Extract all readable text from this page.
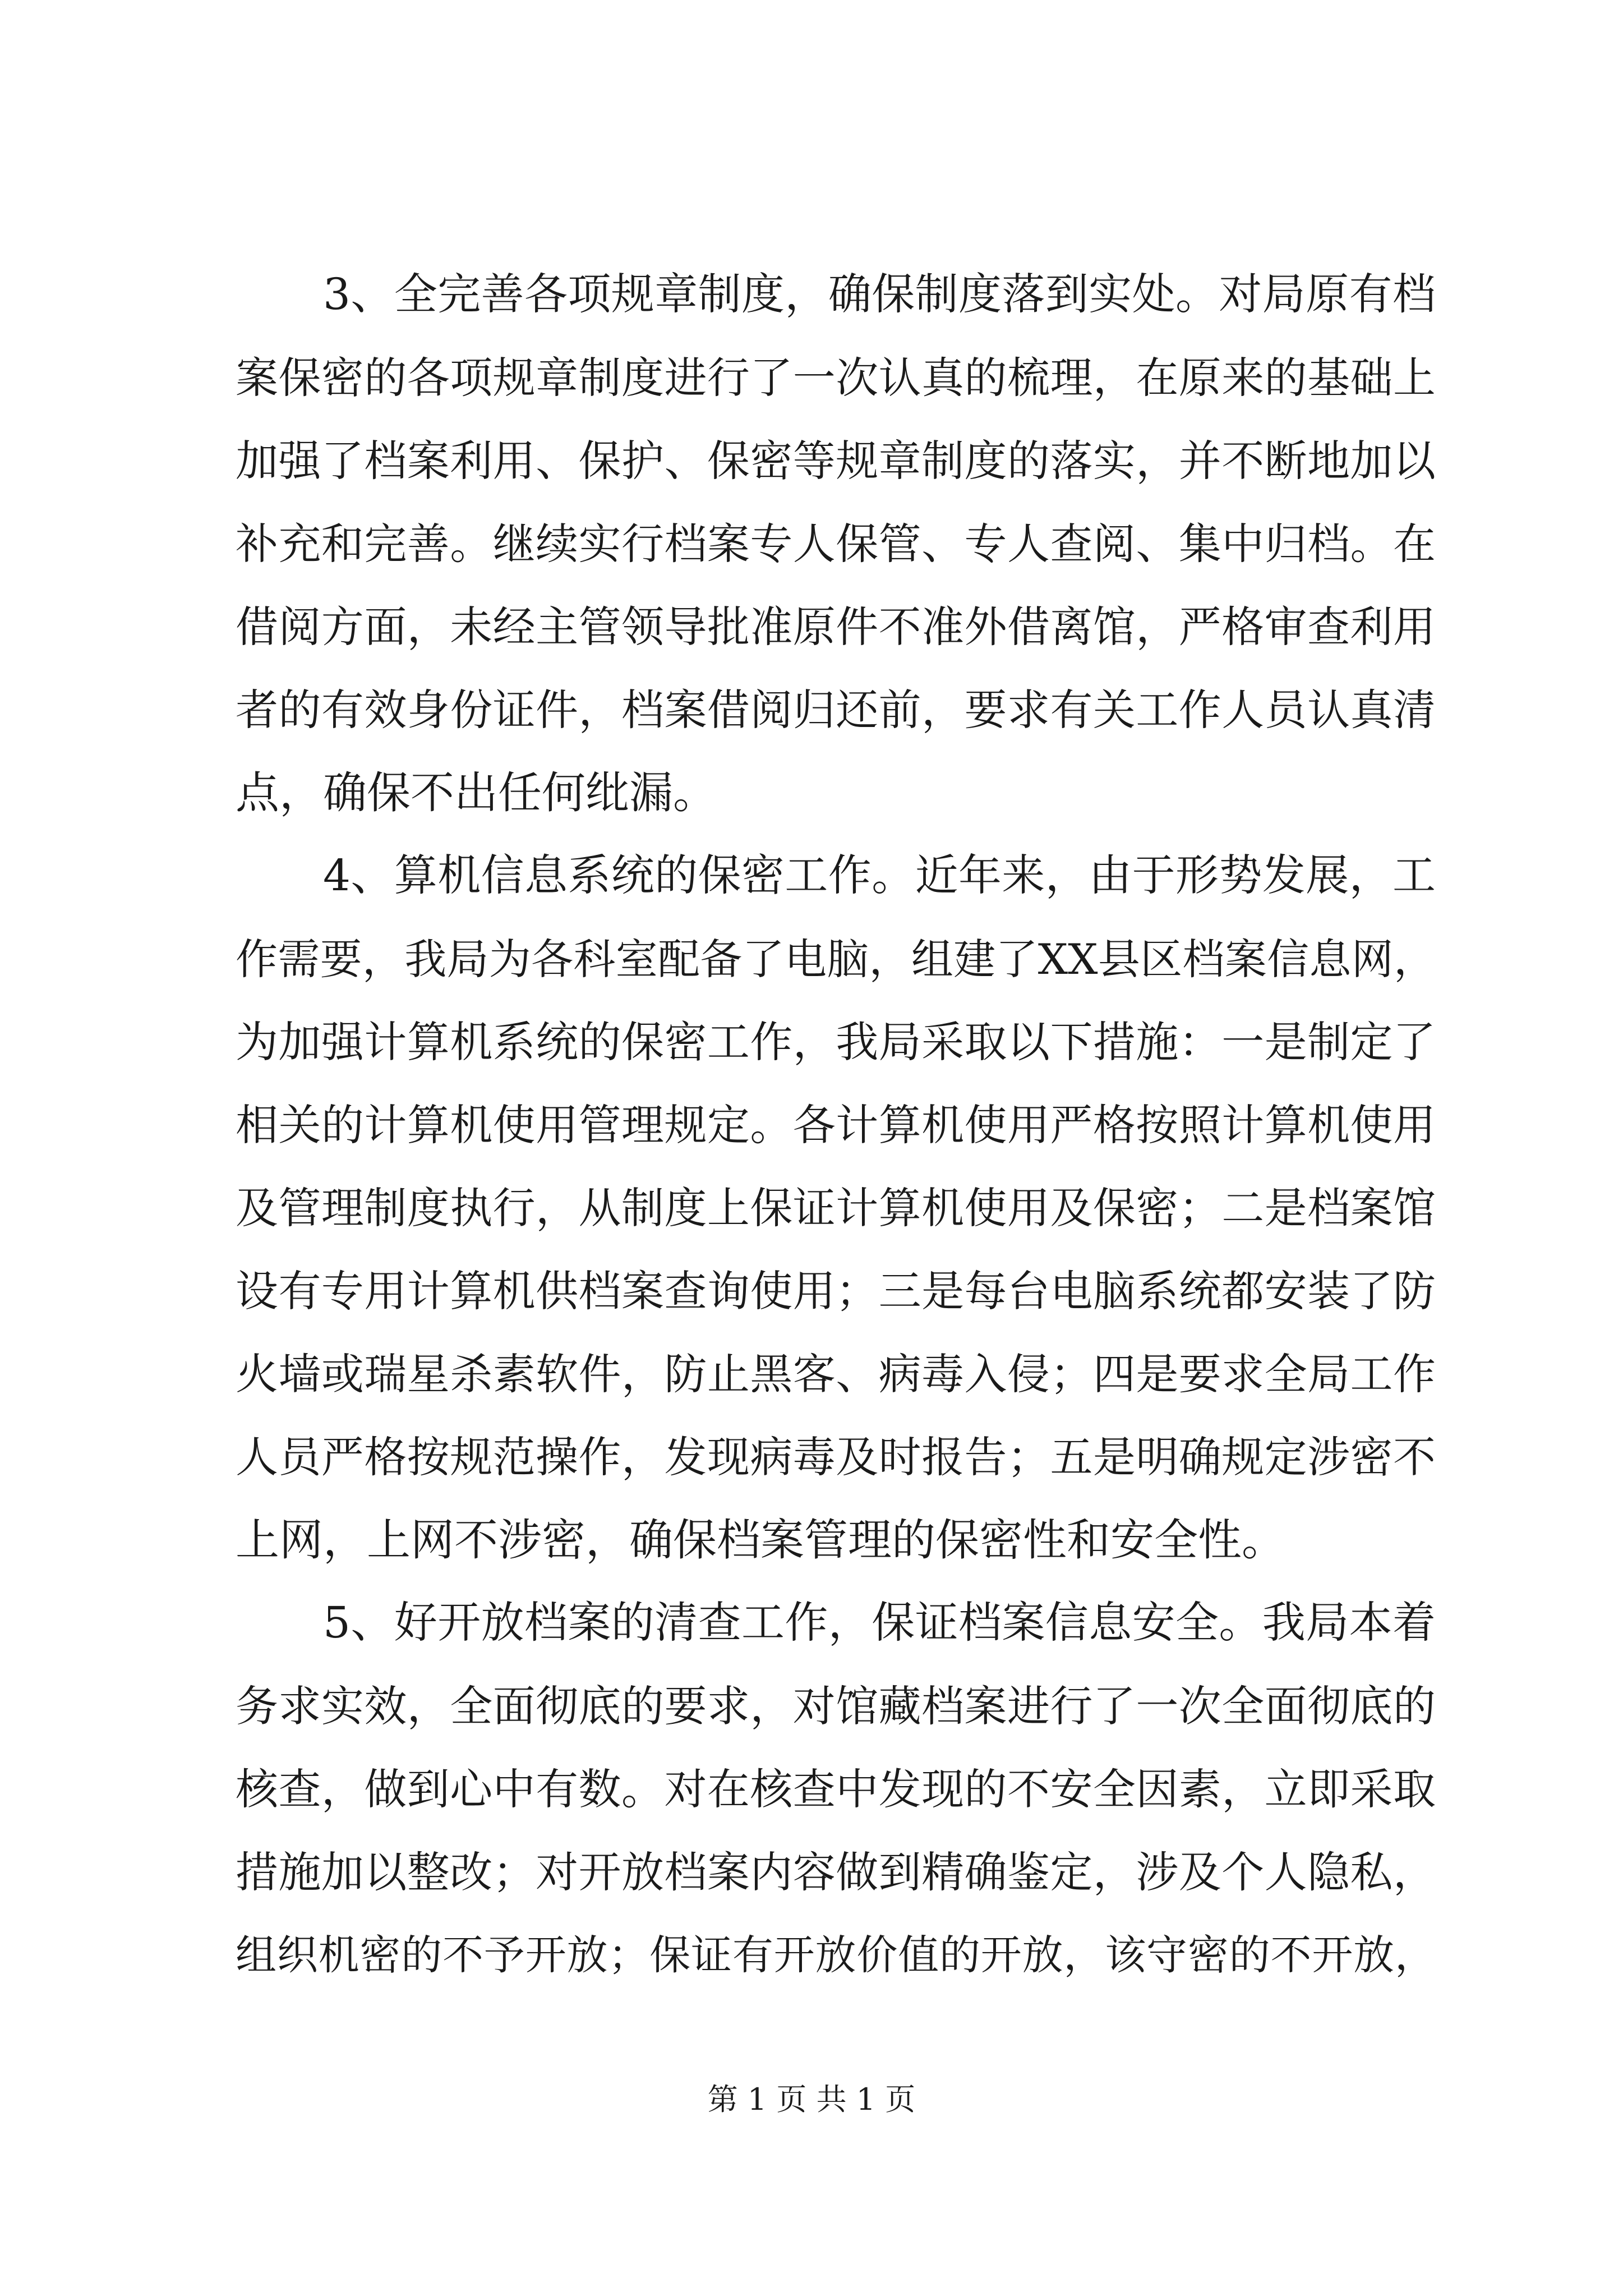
3、全完善各项规章制度，确保制度落到实处。对局原有档
案保密的各项规章制度进行了一次认真的梳理，在原来的基础上
加强了档案利用、保护、保密等规章制度的落实，并不断地加以
补充和完善。继续实行档案专人保管、专人查阅、集中归档。在
借阅方面，未经主管领导批准原件不准外借离馆，严格审查利用
者的有效身份证件，档案借阅归还前，要求有关工作人员认真清
点，确保不出任何纰漏。
4、算机信息系统的保密工作。近年来，由于形势发展，工
作需要，我局为各科室配备了电脑，组建了XX县区档案信息网，
为加强计算机系统的保密工作，我局采取以下措施：一是制定了
相关的计算机使用管理规定。各计算机使用严格按照计算机使用
及管理制度执行，从制度上保证计算机使用及保密；二是档案馆
设有专用计算机供档案查询使用；三是每台电脑系统都安装了防
火墙或瑞星杀素软件，防止黑客、病毒入侵；四是要求全局工作
人员严格按规范操作，发现病毒及时报告；五是明确规定涉密不
上网，上网不涉密，确保档案管理的保密性和安全性。
5、好开放档案的清查工作，保证档案信息安全。我局本着
务求实效，全面彻底的要求，对馆藏档案进行了一次全面彻底的
核查，做到心中有数。对在核查中发现的不安全因素，立即采取
措施加以整改；对开放档案内容做到精确鉴定，涉及个人隐私，
组织机密的不予开放；保证有开放价值的开放，该守密的不开放，
第 1 页 共 1 页
